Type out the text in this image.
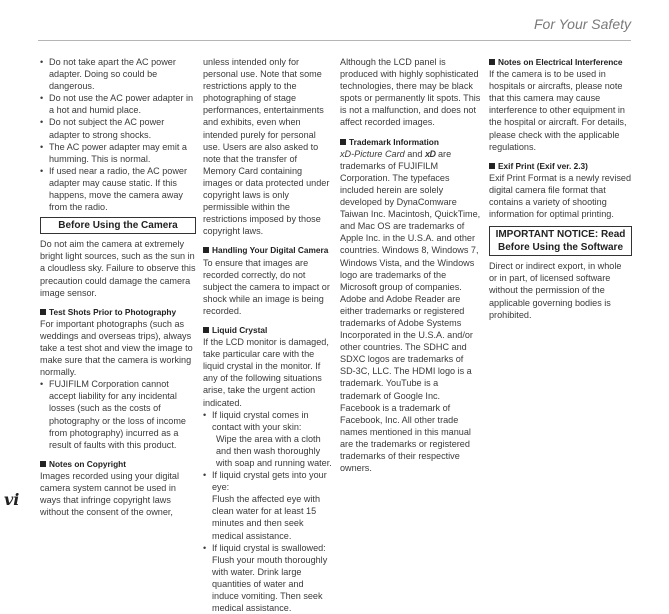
For Your Safety
• Do not take apart the AC power adapter. Doing so could be dangerous.
• Do not use the AC power adapter in a hot and humid place.
• Do not subject the AC power adapter to strong shocks.
• The AC power adapter may emit a humming. This is normal.
• If used near a radio, the AC power adapter may cause static. If this happens, move the camera away from the radio.
Before Using the Camera

Do not aim the camera at extremely bright light sources, such as the sun in a cloudless sky. Failure to observe this precaution could damage the camera image sensor.

Test Shots Prior to Photography

For important photographs (such as weddings and overseas trips), always take a test shot and view the image to make sure that the camera is working normally.

• FUJIFILM Corporation cannot accept liability for any incidental losses (such as the costs of photography or the loss of income from photography) incurred as a result of faults with this product.
Notes on Copyright

Images recorded using your digital camera system cannot be used in ways that infringe copyright laws without the consent of the owner,

unless intended only for personal use. Note that some restrictions apply to the photographing of stage performances, entertainments and exhibits, even when intended purely for personal use. Users are also asked to note that the transfer of Memory Card containing images or data protected under copyright laws is only permissible within the restrictions imposed by those copyright laws.

Handling Your Digital Camera

To ensure that images are recorded correctly, do not subject the camera to impact or shock while an image is being recorded.

Liquid Crystal

If the LCD monitor is damaged, take particular care with the liquid crystal in the monitor. If any of the following situations arise, take the urgent action indicated.

• If liquid crystal comes in contact with your skin:
Wipe the area with a cloth and then wash thoroughly with soap and running water.
• If liquid crystal gets into your eye:
Flush the affected eye with clean water for at least 15 minutes and then seek medical assistance.
• If liquid crystal is swallowed:
Flush your mouth thoroughly with water. Drink large quantities of water and induce vomiting. Then seek medical assistance.

Although the LCD panel is produced with highly sophisticated technologies, there may be black spots or permanently lit spots. This is not a malfunction, and does not affect recorded images.

Trademark Information

xD-Picture Card and xD are trademarks of FUJIFILM Corporation. The typefaces included herein are solely developed by DynaComware Taiwan Inc. Macintosh, QuickTime, and Mac OS are trademarks of Apple Inc. in the U.S.A. and other countries. Windows 8, Windows 7, Windows Vista, and the Windows logo are trademarks of the Microsoft group of companies. Adobe and Adobe Reader are either trademarks or registered trademarks of Adobe Systems Incorporated in the U.S.A. and/or other countries. The SDHC and SDXC logos are trademarks of SD-3C, LLC. The HDMI logo is a trademark. YouTube is a trademark of Google Inc. Facebook is a trademark of Facebook, Inc. All other trade names mentioned in this manual are the trademarks or registered trademarks of their respective owners.

Notes on Electrical Interference

If the camera is to be used in hospitals or aircrafts, please note that this camera may cause interference to other equipment in the hospital or aircraft. For details, please check with the applicable regulations.

Exif Print (Exif ver. 2.3)

Exif Print Format is a newly revised digital camera file format that contains a variety of shooting information for optimal printing.

IMPORTANT NOTICE: Read Before Using the Software

Direct or indirect export, in whole or in part, of licensed software without the permission of the applicable governing bodies is prohibited.

vi
